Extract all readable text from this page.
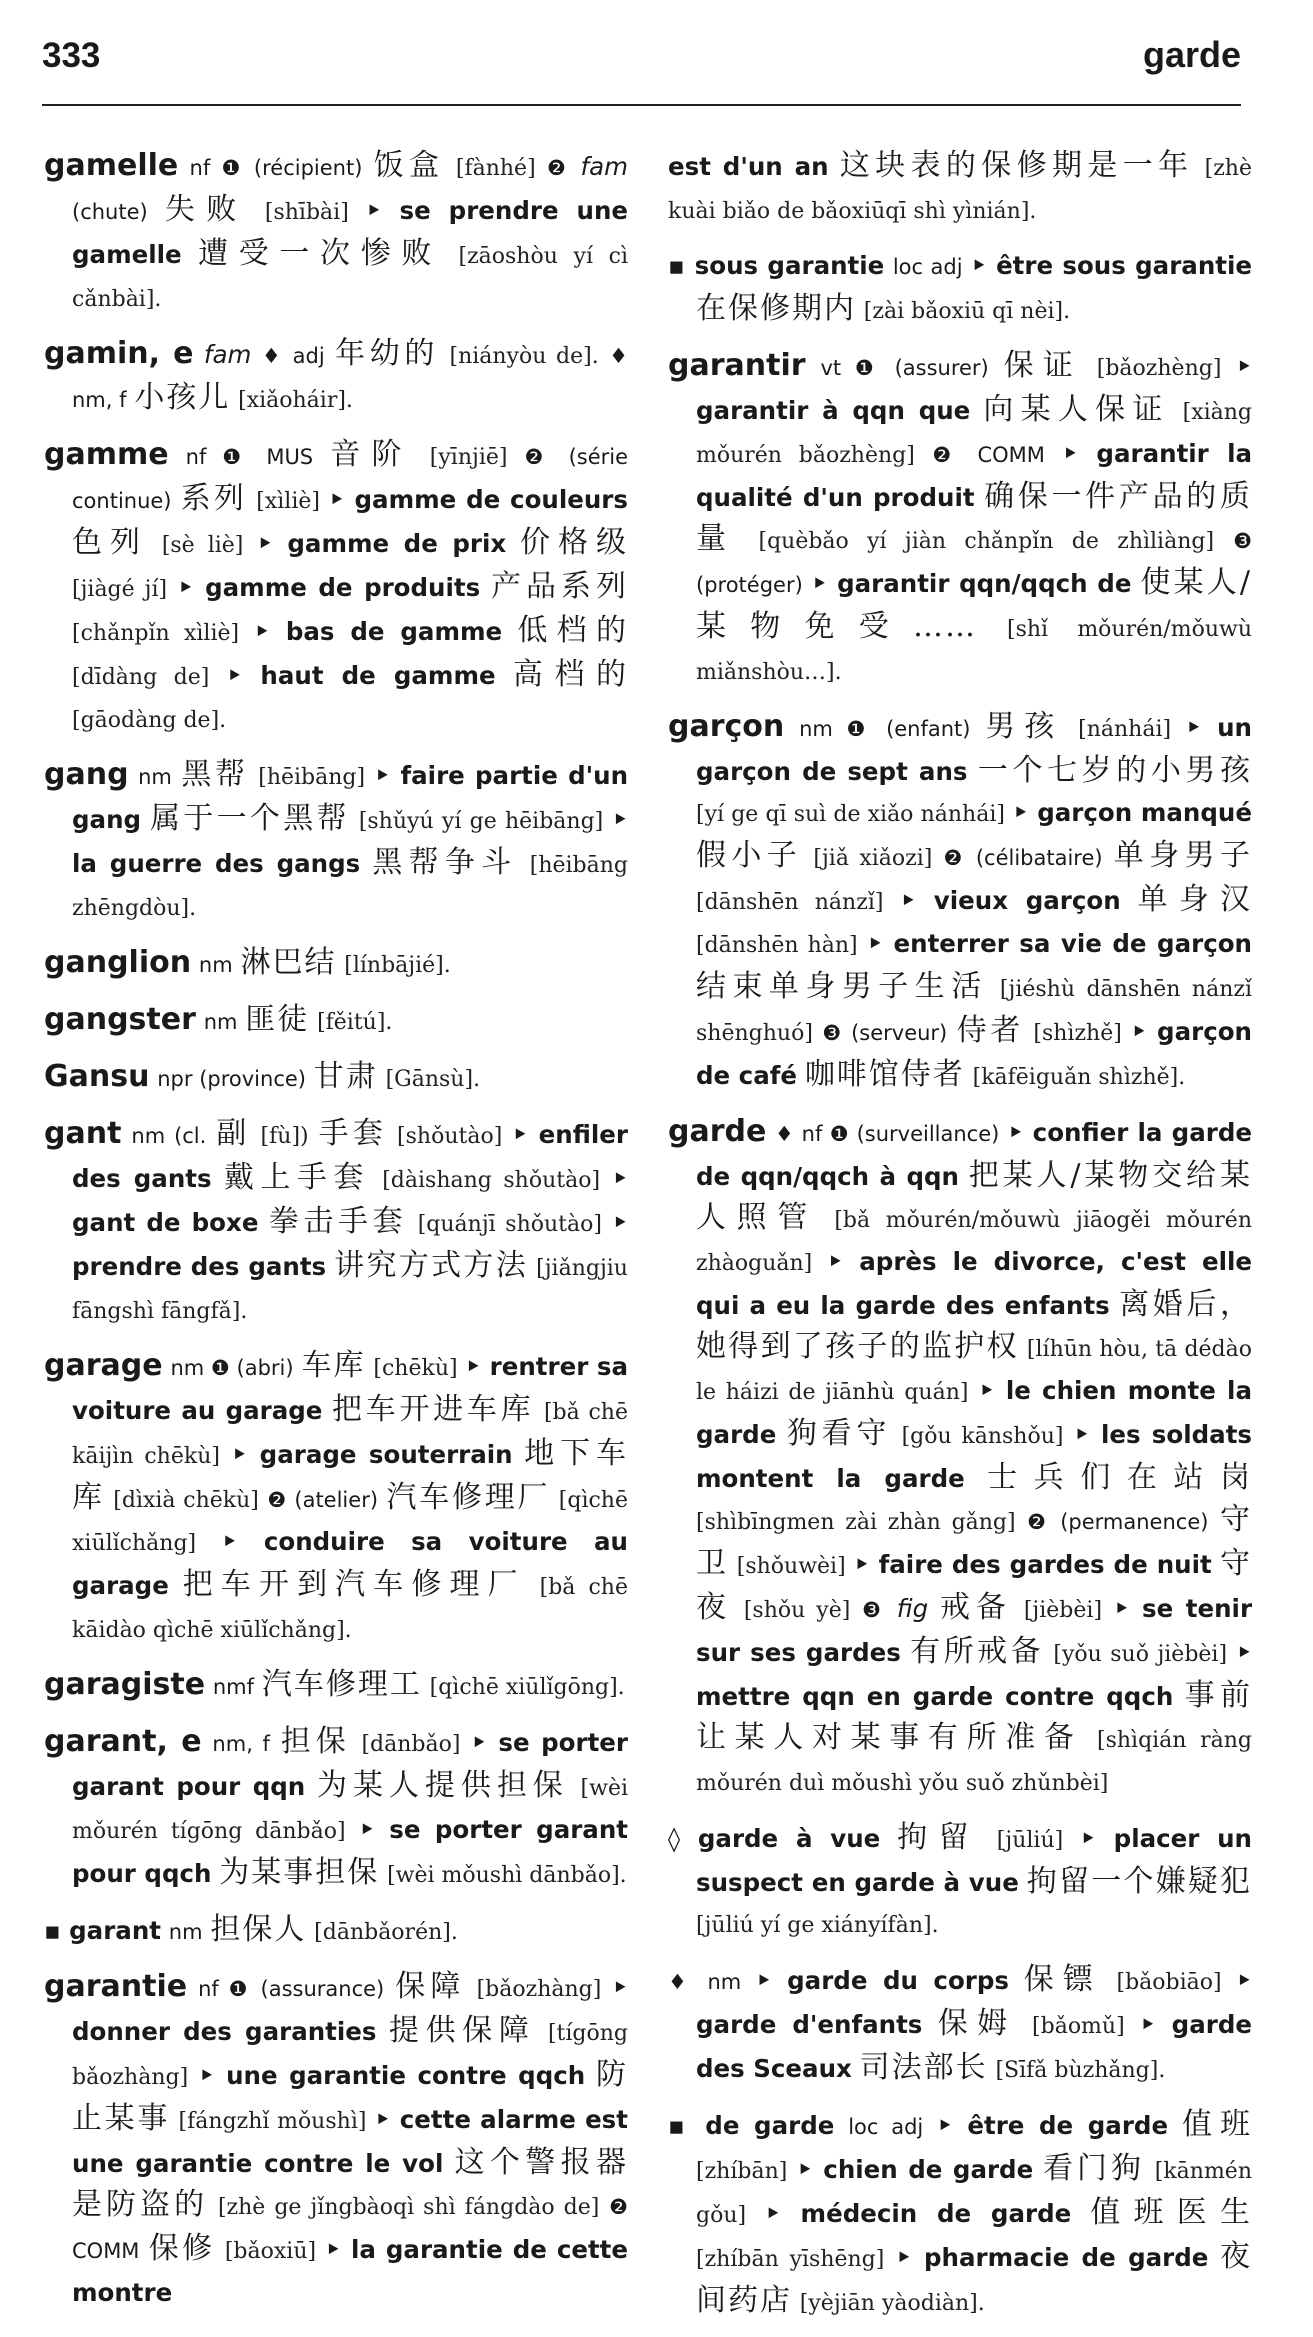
333	garde

gamelle nf ❶ (récipient) 饭盒 [fànhé] ❷ fam (chute) 失败 [shībài] ‣ se prendre une gamelle 遭受一次惨败 [zāoshòu yí cì cǎnbài].

gamin, e fam ♦ adj 年幼的 [niányòu de]. ♦ nm, f 小孩儿 [xiǎoháir].

gamme nf ❶ MUS 音阶 [yīnjiē] ❷ (série continue) 系列 [xìliè] ‣ gamme de couleurs 色列 [sè liè] ‣ gamme de prix 价格级 [jiàgé jí] ‣ gamme de produits 产品系列 [chǎnpǐn xìliè] ‣ bas de gamme 低档的 [dīdàng de] ‣ haut de gamme 高档的 [gāodàng de].

gang nm 黑帮 [hēibāng] ‣ faire partie d'un gang 属于一个黑帮 [shǔyú yí ge hēibāng] ‣ la guerre des gangs 黑帮争斗 [hēibāng zhēngdòu].

ganglion nm 淋巴结 [línbājié].

gangster nm 匪徒 [fěitú].

Gansu npr (province) 甘肃 [Gānsù].

gant nm (cl. 副 [fù]) 手套 [shǒutào] ‣ enfiler des gants 戴上手套 [dàishang shǒutào] ‣ gant de boxe 拳击手套 [quánjī shǒutào] ‣ prendre des gants 讲究方式方法 [jiǎngjiu fāngshì fāngfǎ].

garage nm ❶ (abri) 车库 [chēkù] ‣ rentrer sa voiture au garage 把车开进车库 [bǎ chē kāijìn chēkù] ‣ garage souterrain 地下车库 [dìxià chēkù] ❷ (atelier) 汽车修理厂 [qìchē xiūlǐchǎng] ‣ conduire sa voiture au garage 把车开到汽车修理厂 [bǎ chē kāidào qìchē xiūlǐchǎng].

garagiste nmf 汽车修理工 [qìchē xiūlǐgōng].

garant, e nm, f 担保 [dānbǎo] ‣ se porter garant pour qqn 为某人提供担保 [wèi mǒurén tígōng dānbǎo] ‣ se porter garant pour qqch 为某事担保 [wèi mǒushì dānbǎo].

▪ garant nm 担保人 [dānbǎorén].

garantie nf ❶ (assurance) 保障 [bǎozhàng] ‣ donner des garanties 提供保障 [tígōng bǎozhàng] ‣ une garantie contre qqch 防止某事 [fángzhǐ mǒushì] ‣ cette alarme est une garantie contre le vol 这个警报器是防盗的 [zhè ge jǐngbàoqì shì fángdào de] ❷ COMM 保修 [bǎoxiū] ‣ la garantie de cette montre

est d'un an 这块表的保修期是一年 [zhè kuài biǎo de bǎoxiūqī shì yìnián].

▪ sous garantie loc adj ‣ être sous garantie 在保修期内 [zài bǎoxiū qī nèi].

garantir vt ❶ (assurer) 保证 [bǎozhèng] ‣ garantir à qqn que 向某人保证 [xiàng mǒurén bǎozhèng] ❷ COMM ‣ garantir la qualité d'un produit 确保一件产品的质量 [quèbǎo yí jiàn chǎnpǐn de zhìliàng] ❸ (protéger) ‣ garantir qqn/qqch de 使某人/某物免受…… [shǐ mǒurén/mǒuwù miǎnshòu…].

garçon nm ❶ (enfant) 男孩 [nánhái] ‣ un garçon de sept ans 一个七岁的小男孩 [yí ge qī suì de xiǎo nánhái] ‣ garçon manqué 假小子 [jiǎ xiǎozi] ❷ (célibataire) 单身男子 [dānshēn nánzǐ] ‣ vieux garçon 单身汉 [dānshēn hàn] ‣ enterrer sa vie de garçon 结束单身男子生活 [jiéshù dānshēn nánzǐ shēnghuó] ❸ (serveur) 侍者 [shìzhě] ‣ garçon de café 咖啡馆侍者 [kāfēiguǎn shìzhě].

garde ♦ nf ❶ (surveillance) ‣ confier la garde de qqn/qqch à qqn 把某人/某物交给某人照管 [bǎ mǒurén/mǒuwù jiāogěi mǒurén zhàoguǎn] ‣ après le divorce, c'est elle qui a eu la garde des enfants 离婚后，她得到了孩子的监护权 [líhūn hòu, tā dédào le háizi de jiānhù quán] ‣ le chien monte la garde 狗看守 [gǒu kānshǒu] ‣ les soldats montent la garde 士兵们在站岗 [shìbīngmen zài zhàn gǎng] ❷ (permanence) 守卫 [shǒuwèi] ‣ faire des gardes de nuit 守夜 [shǒu yè] ❸ fig 戒备 [jièbèi] ‣ se tenir sur ses gardes 有所戒备 [yǒu suǒ jièbèi] ‣ mettre qqn en garde contre qqch 事前让某人对某事有所准备 [shìqián ràng mǒurén duì mǒushì yǒu suǒ zhǔnbèi]

◊ garde à vue 拘留 [jūliú] ‣ placer un suspect en garde à vue 拘留一个嫌疑犯 [jūliú yí ge xiányífàn].

♦ nm ‣ garde du corps 保镖 [bǎobiāo] ‣ garde d'enfants 保姆 [bǎomǔ] ‣ garde des Sceaux 司法部长 [Sīfǎ bùzhǎng].

▪ de garde loc adj ‣ être de garde 值班 [zhíbān] ‣ chien de garde 看门狗 [kānmén gǒu] ‣ médecin de garde 值班医生 [zhíbān yīshēng] ‣ pharmacie de garde 夜间药店 [yèjiān yàodiàn].
